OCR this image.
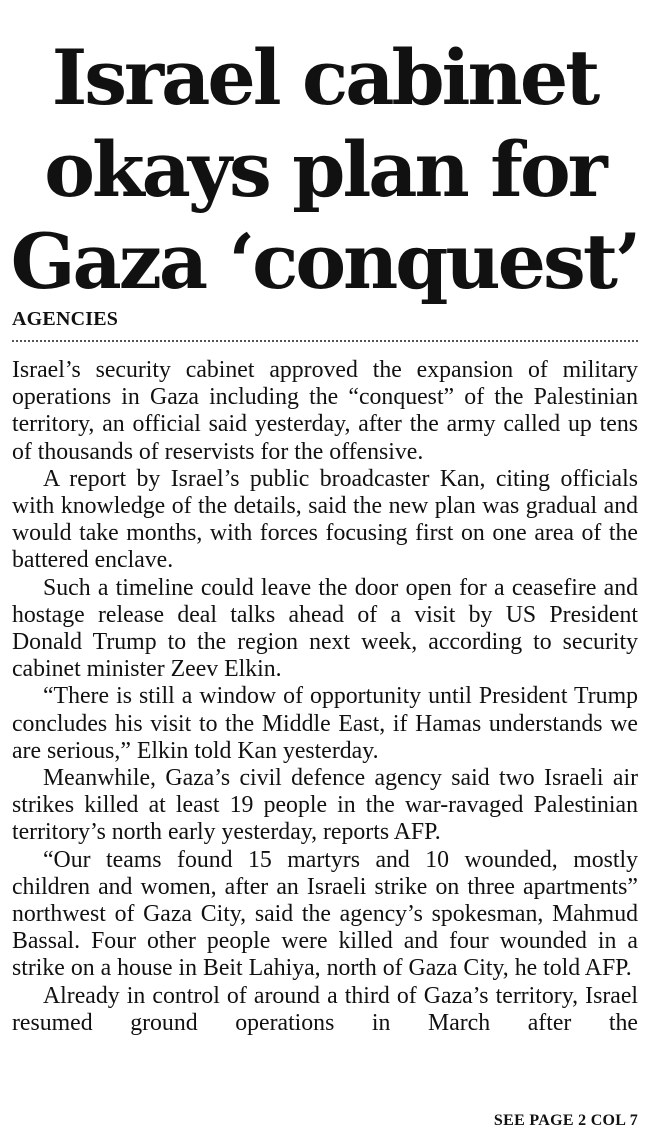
Israel cabinet
okays plan for
Gaza ‘conquest’
AGENCIES

Israel’s security cabinet approved the expansion of military operations in Gaza including the “conquest” of the Palestinian territory, an official said yesterday, after the army called up tens of thousands of reservists for the offensive.

A report by Israel’s public broadcaster Kan, citing officials with knowledge of the details, said the new plan was gradual and would take months, with forces focusing first on one area of the battered enclave.

Such a timeline could leave the door open for a ceasefire and hostage release deal talks ahead of a visit by US President Donald Trump to the region next week, according to security cabinet minister Zeev Elkin.

“There is still a window of opportunity until President Trump concludes his visit to the Middle East, if Hamas understands we are serious,” Elkin told Kan yesterday.

Meanwhile, Gaza’s civil defence agency said two Israeli air strikes killed at least 19 people in the war-ravaged Palestinian territory’s north early yesterday, reports AFP.

“Our teams found 15 martyrs and 10 wounded, mostly children and women, after an Israeli strike on three apartments” northwest of Gaza City, said the agency’s spokesman, Mahmud Bassal. Four other people were killed and four wounded in a strike on a house in Beit Lahiya, north of Gaza City, he told AFP.

Already in control of around a third of Gaza’s territory, Israel resumed ground operations in March after the

SEE PAGE 2 COL 7
